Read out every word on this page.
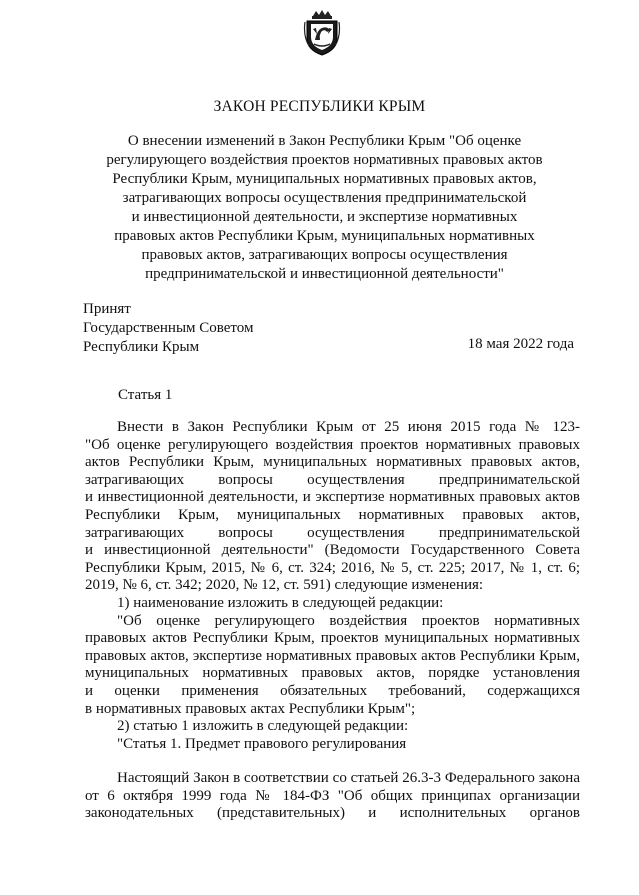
ЗАКОН РЕСПУБЛИКИ КРЫМ
О внесении изменений в Закон Республики Крым "Об оценке
регулирующего воздействия проектов нормативных правовых актов
Республики Крым, муниципальных нормативных правовых актов,
затрагивающих вопросы осуществления предпринимательской
и инвестиционной деятельности, и экспертизе нормативных
правовых актов Республики Крым, муниципальных нормативных
правовых актов, затрагивающих вопросы осуществления
предпринимательской и инвестиционной деятельности"
Принят
Государственным Советом
Республики Крым	18 мая 2022 года
Статья 1
Внести в Закон Республики Крым от 25 июня 2015 года № 123-
"Об оценке регулирующего воздействия проектов нормативных правовых
актов Республики Крым, муниципальных нормативных правовых актов,
затрагивающих вопросы осуществления предпринимательской
и инвестиционной деятельности, и экспертизе нормативных правовых актов
Республики Крым, муниципальных нормативных правовых актов,
затрагивающих вопросы осуществления предпринимательской
и инвестиционной деятельности" (Ведомости Государственного Совета
Республики Крым, 2015, № 6, ст. 324; 2016, № 5, ст. 225; 2017, № 1, ст. 6;
2019, № 6, ст. 342; 2020, № 12, ст. 591) следующие изменения:
1) наименование изложить в следующей редакции:
"Об оценке регулирующего воздействия проектов нормативных
правовых актов Республики Крым, проектов муниципальных нормативных
правовых актов, экспертизе нормативных правовых актов Республики Крым,
муниципальных нормативных правовых актов, порядке установления
и оценки применения обязательных требований, содержащихся
в нормативных правовых актах Республики Крым";
2) статью 1 изложить в следующей редакции:
"Статья 1. Предмет правового регулирования
Настоящий Закон в соответствии со статьей 26.3-3 Федерального закона
от 6 октября 1999 года № 184-ФЗ "Об общих принципах организации
законодательных (представительных) и исполнительных органов
